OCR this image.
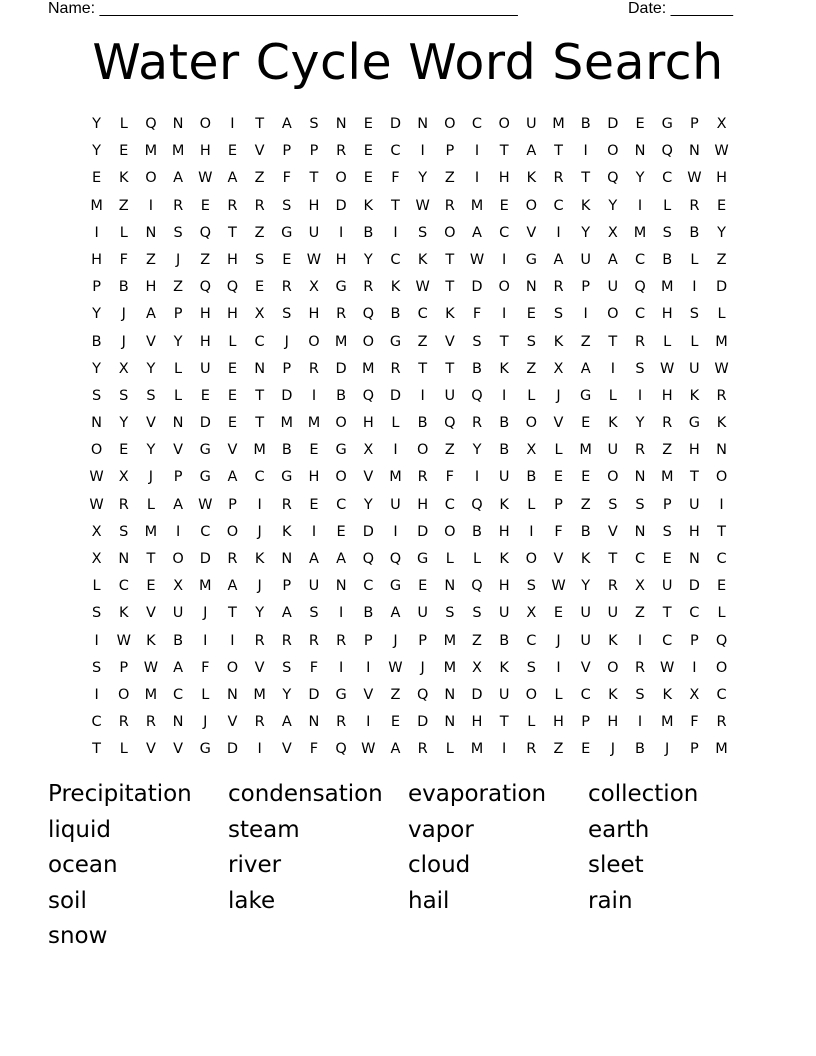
Name: _______________________________________________	Date: _______
Water Cycle Word Search
Y	L	Q	N	O	I	T	A	S	N	E	D	N	O	C	O	U	M	B	D	E	G	P	X
Y	E	M	M	H	E	V	P	P	R	E	C	I	P	I	T	A	T	I	O	N	Q	N	W
E	K	O	A	W	A	Z	F	T	O	E	F	Y	Z	I	H	K	R	T	Q	Y	C	W	H
M	Z	I	R	E	R	R	S	H	D	K	T	W	R	M	E	O	C	K	Y	I	L	R	E
I	L	N	S	Q	T	Z	G	U	I	B	I	S	O	A	C	V	I	Y	X	M	S	B	Y
H	F	Z	J	Z	H	S	E	W	H	Y	C	K	T	W	I	G	A	U	A	C	B	L	Z
P	B	H	Z	Q	Q	E	R	X	G	R	K	W	T	D	O	N	R	P	U	Q	M	I	D
Y	J	A	P	H	H	X	S	H	R	Q	B	C	K	F	I	E	S	I	O	C	H	S	L
B	J	V	Y	H	L	C	J	O	M	O	G	Z	V	S	T	S	K	Z	T	R	L	L	M
Y	X	Y	L	U	E	N	P	R	D	M	R	T	T	B	K	Z	X	A	I	S	W	U	W
S	S	S	L	E	E	T	D	I	B	Q	D	I	U	Q	I	L	J	G	L	I	H	K	R
N	Y	V	N	D	E	T	M	M	O	H	L	B	Q	R	B	O	V	E	K	Y	R	G	K
O	E	Y	V	G	V	M	B	E	G	X	I	O	Z	Y	B	X	L	M	U	R	Z	H	N
W	X	J	P	G	A	C	G	H	O	V	M	R	F	I	U	B	E	E	O	N	M	T	O
W	R	L	A	W	P	I	R	E	C	Y	U	H	C	Q	K	L	P	Z	S	S	P	U	I
X	S	M	I	C	O	J	K	I	E	D	I	D	O	B	H	I	F	B	V	N	S	H	T
X	N	T	O	D	R	K	N	A	A	Q	Q	G	L	L	K	O	V	K	T	C	E	N	C
L	C	E	X	M	A	J	P	U	N	C	G	E	N	Q	H	S	W	Y	R	X	U	D	E
S	K	V	U	J	T	Y	A	S	I	B	A	U	S	S	U	X	E	U	U	Z	T	C	L
I	W	K	B	I	I	R	R	R	R	P	J	P	M	Z	B	C	J	U	K	I	C	P	Q
S	P	W	A	F	O	V	S	F	I	I	W	J	M	X	K	S	I	V	O	R	W	I	O
I	O	M	C	L	N	M	Y	D	G	V	Z	Q	N	D	U	O	L	C	K	S	K	X	C
C	R	R	N	J	V	R	A	N	R	I	E	D	N	H	T	L	H	P	H	I	M	F	R
T	L	V	V	G	D	I	V	F	Q W	A	R	L	M	I	R	Z	E	J	B	J	P	M
Precipitation	condensation	evaporation	collection
liquid	steam	vapor	earth
ocean	river	cloud	sleet
soil	lake	hail	rain
snow
